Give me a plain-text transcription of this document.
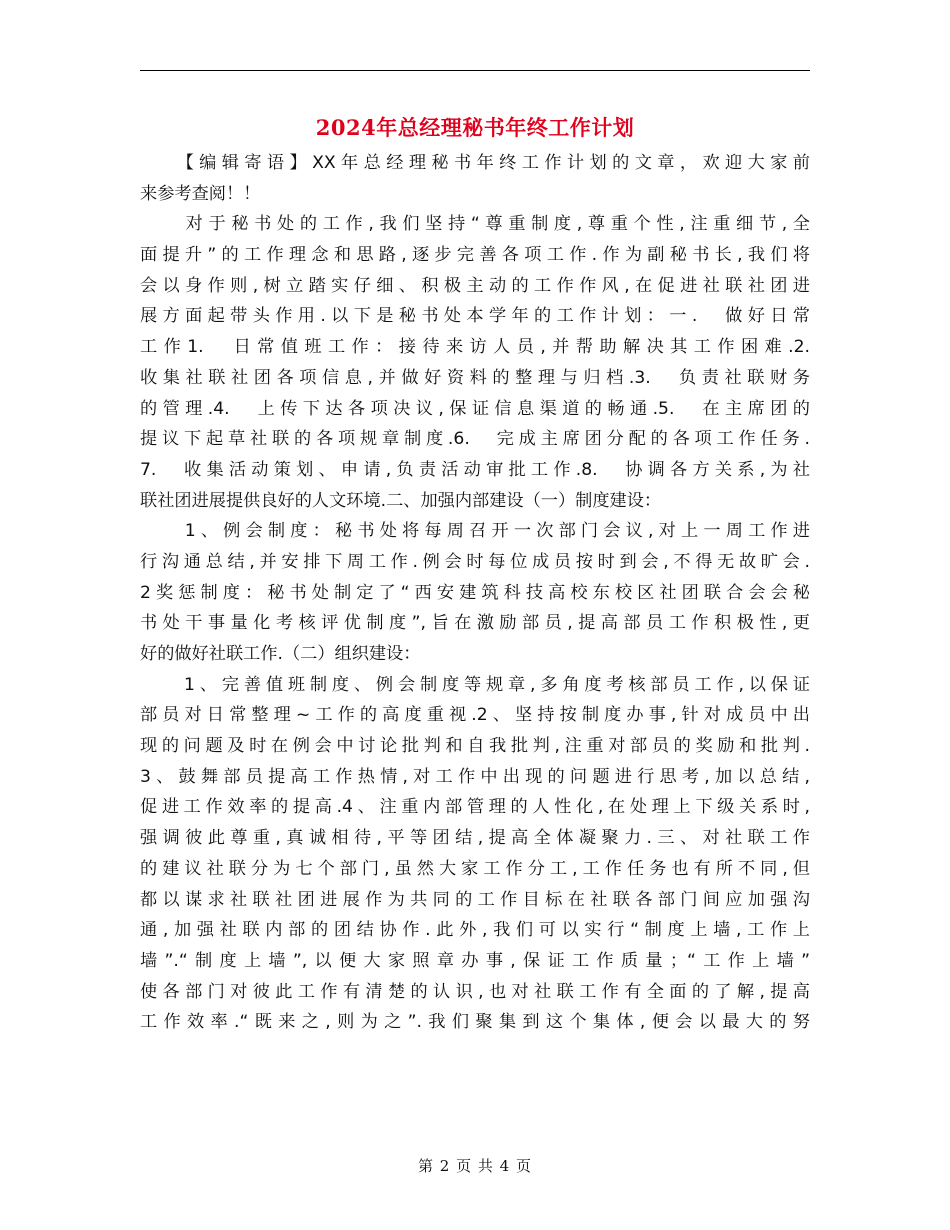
2024年总经理秘书年终工作计划
　　【编辑寄语】XX年总经理秘书年终工作计划的文章，欢迎大家前
来参考查阅！！
　　对于秘书处的工作,我们坚持“尊重制度,尊重个性,注重细节,全
面提升”的工作理念和思路,逐步完善各项工作.作为副秘书长,我们将
会以身作则,树立踏实仔细、积极主动的工作作风,在促进社联社团进
展方面起带头作用.以下是秘书处本学年的工作计划：一.　做好日常
工作1.　日常值班工作：接待来访人员,并帮助解决其工作困难.2.
收集社联社团各项信息,并做好资料的整理与归档.3.　负责社联财务
的管理.4.　上传下达各项决议,保证信息渠道的畅通.5.　在主席团的
提议下起草社联的各项规章制度.6.　完成主席团分配的各项工作任务.
7.　收集活动策划、申请,负责活动审批工作.8.　协调各方关系,为社
联社团进展提供良好的人文环境.二、加强内部建设（一）制度建设：
　　1、例会制度：秘书处将每周召开一次部门会议,对上一周工作进
行沟通总结,并安排下周工作.例会时每位成员按时到会,不得无故旷会.
2奖惩制度：秘书处制定了“西安建筑科技高校东校区社团联合会会秘
书处干事量化考核评优制度”,旨在激励部员,提高部员工作积极性,更
好的做好社联工作.（二）组织建设：
　　1、完善值班制度、例会制度等规章,多角度考核部员工作,以保证
部员对日常整理~工作的高度重视.2、坚持按制度办事,针对成员中出
现的问题及时在例会中讨论批判和自我批判,注重对部员的奖励和批判.
3、鼓舞部员提高工作热情,对工作中出现的问题进行思考,加以总结,
促进工作效率的提高.4、注重内部管理的人性化,在处理上下级关系时,
强调彼此尊重,真诚相待,平等团结,提高全体凝聚力.三、对社联工作
的建议社联分为七个部门,虽然大家工作分工,工作任务也有所不同,但
都以谋求社联社团进展作为共同的工作目标在社联各部门间应加强沟
通,加强社联内部的团结协作.此外,我们可以实行“制度上墙,工作上
墙”.“制度上墙”,以便大家照章办事,保证工作质量；“工作上墙”
使各部门对彼此工作有清楚的认识,也对社联工作有全面的了解,提高
工作效率.“既来之,则为之”.我们聚集到这个集体,便会以最大的努
第 2 页 共 4 页
